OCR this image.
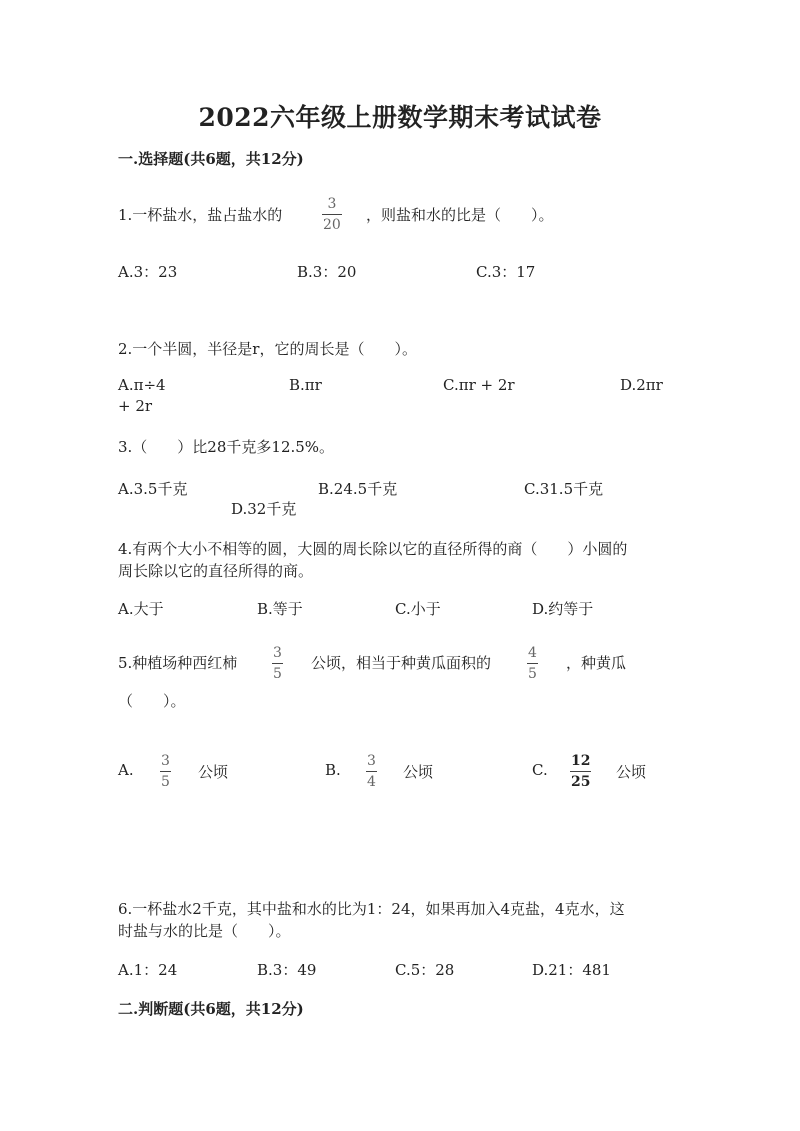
2022六年级上册数学期末考试试卷
一.选择题(共6题，共12分)
1.一杯盐水，盐占盐水的	$\frac{3}{20}$ ，则盐和水的比是（　　）。
A.3：23	B.3：20	C.3：17
2.一个半圆，半径是r，它的周长是（　　）。
A.π÷4	B.πr	C.πr + 2r	D.2πr
+ 2r
3.（　　）比28千克多12.5%。
A.3.5千克	B.24.5千克	C.31.5千克
D.32千克
4.有两个大小不相等的圆，大圆的周长除以它的直径所得的商（　　）小圆的
周长除以它的直径所得的商。
A.大于	B.等于	C.小于	D.约等于
5.种植场种西红柿 $\frac{3}{5}$ 公顷，相当于种黄瓜面积的	$\frac{4}{5}$ ，种黄瓜
（　　）。
A. $\frac{3}{5}$ 公顷	B. $\frac{3}{4}$ 公顷	C. $\frac{12}{25}$ 公顷
6.一杯盐水2千克，其中盐和水的比为1：24，如果再加入4克盐，4克水，这
时盐与水的比是（　　）。
A.1：24	B.3：49	C.5：28	D.21：481
二.判断题(共6题，共12分)
